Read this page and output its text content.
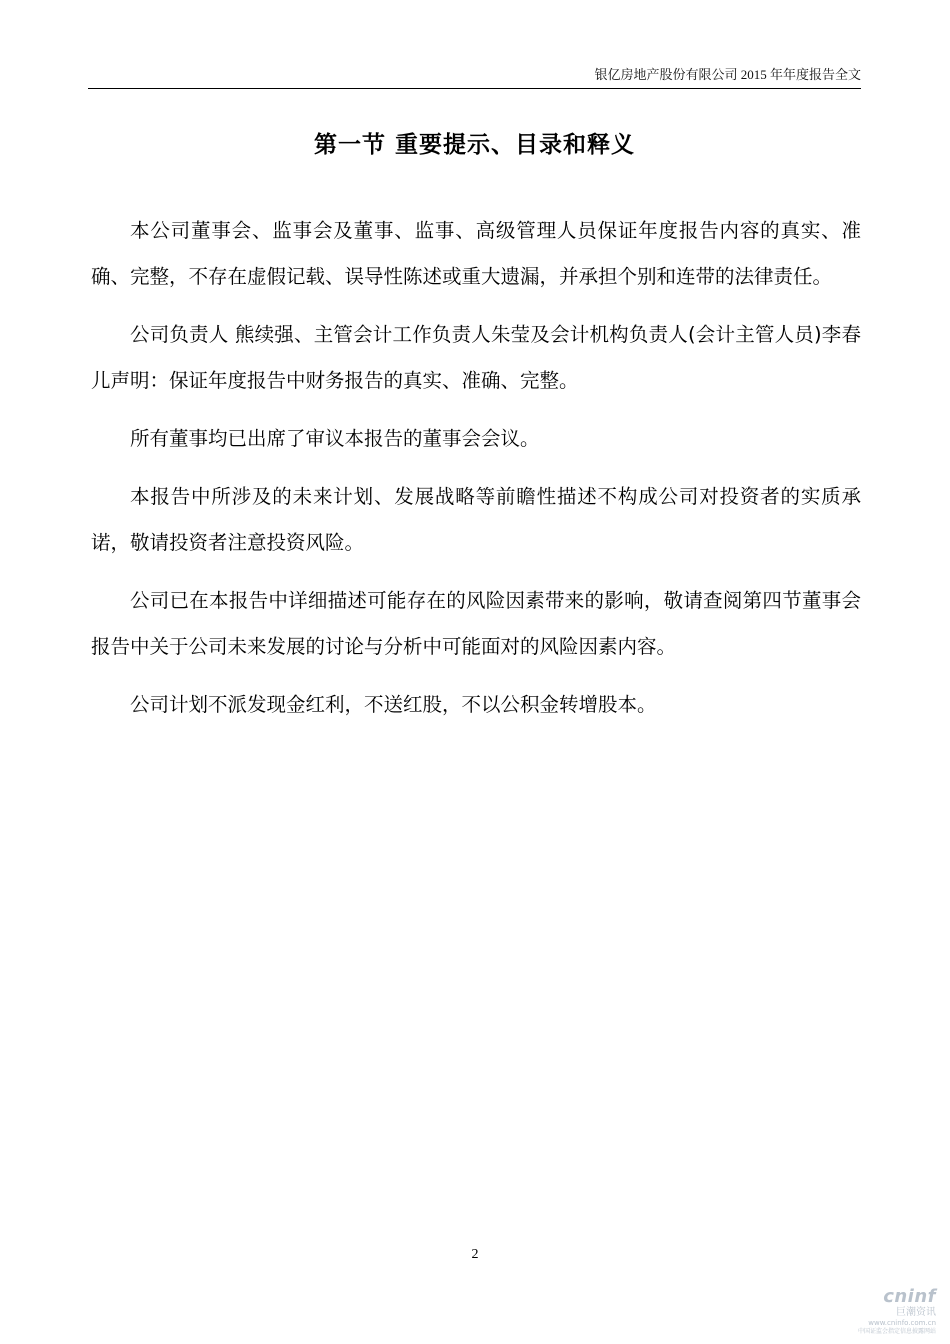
银亿房地产股份有限公司 2015 年年度报告全文
第一节 重要提示、目录和释义

本公司董事会、监事会及董事、监事、高级管理人员保证年度报告内容的真实、准确、完整，不存在虚假记载、误导性陈述或重大遗漏，并承担个别和连带的法律责任。

公司负责人 熊续强、主管会计工作负责人朱莹及会计机构负责人(会计主管人员)李春儿声明：保证年度报告中财务报告的真实、准确、完整。

所有董事均已出席了审议本报告的董事会会议。

本报告中所涉及的未来计划、发展战略等前瞻性描述不构成公司对投资者的实质承诺，敬请投资者注意投资风险。

公司已在本报告中详细描述可能存在的风险因素带来的影响，敬请查阅第四节董事会报告中关于公司未来发展的讨论与分析中可能面对的风险因素内容。

公司计划不派发现金红利，不送红股，不以公积金转增股本。

2
cninf
巨潮资讯
www.cninfo.com.cn
中国证监会指定信息披露网站
